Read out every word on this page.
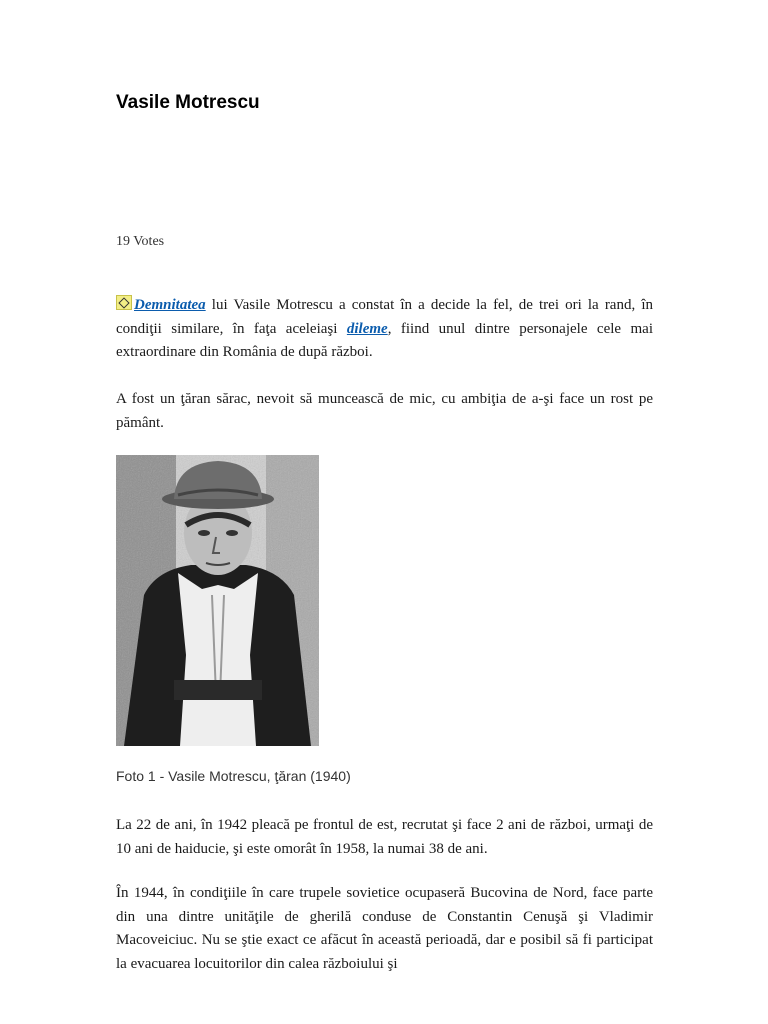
Vasile Motrescu
19 Votes

Demnitatea lui Vasile Motrescu a constat în a decide la fel, de trei ori la rand, în condiţii similare, în faţa aceleiaşi dileme, fiind unul dintre personajele cele mai extraordinare din România de după război.

A fost un ţăran sărac, nevoit să muncească de mic, cu ambiţia de a-şi face un rost pe pământ.

Foto 1 - Vasile Motrescu, ţăran (1940)

La 22 de ani, în 1942 pleacă pe frontul de est, recrutat şi face 2 ani de război, urmaţi de 10 ani de haiducie, şi este omorât în 1958, la numai 38 de ani.

În 1944, în condiţiile în care trupele sovietice ocupaseră Bucovina de Nord, face parte din una dintre unităţile de gherilă conduse de Constantin Cenuşă şi Vladimir Macoveiciuc. Nu se ştie exact ce afăcut în această perioadă, dar e posibil să fi participat la evacuarea locuitorilor din calea războiului şi
